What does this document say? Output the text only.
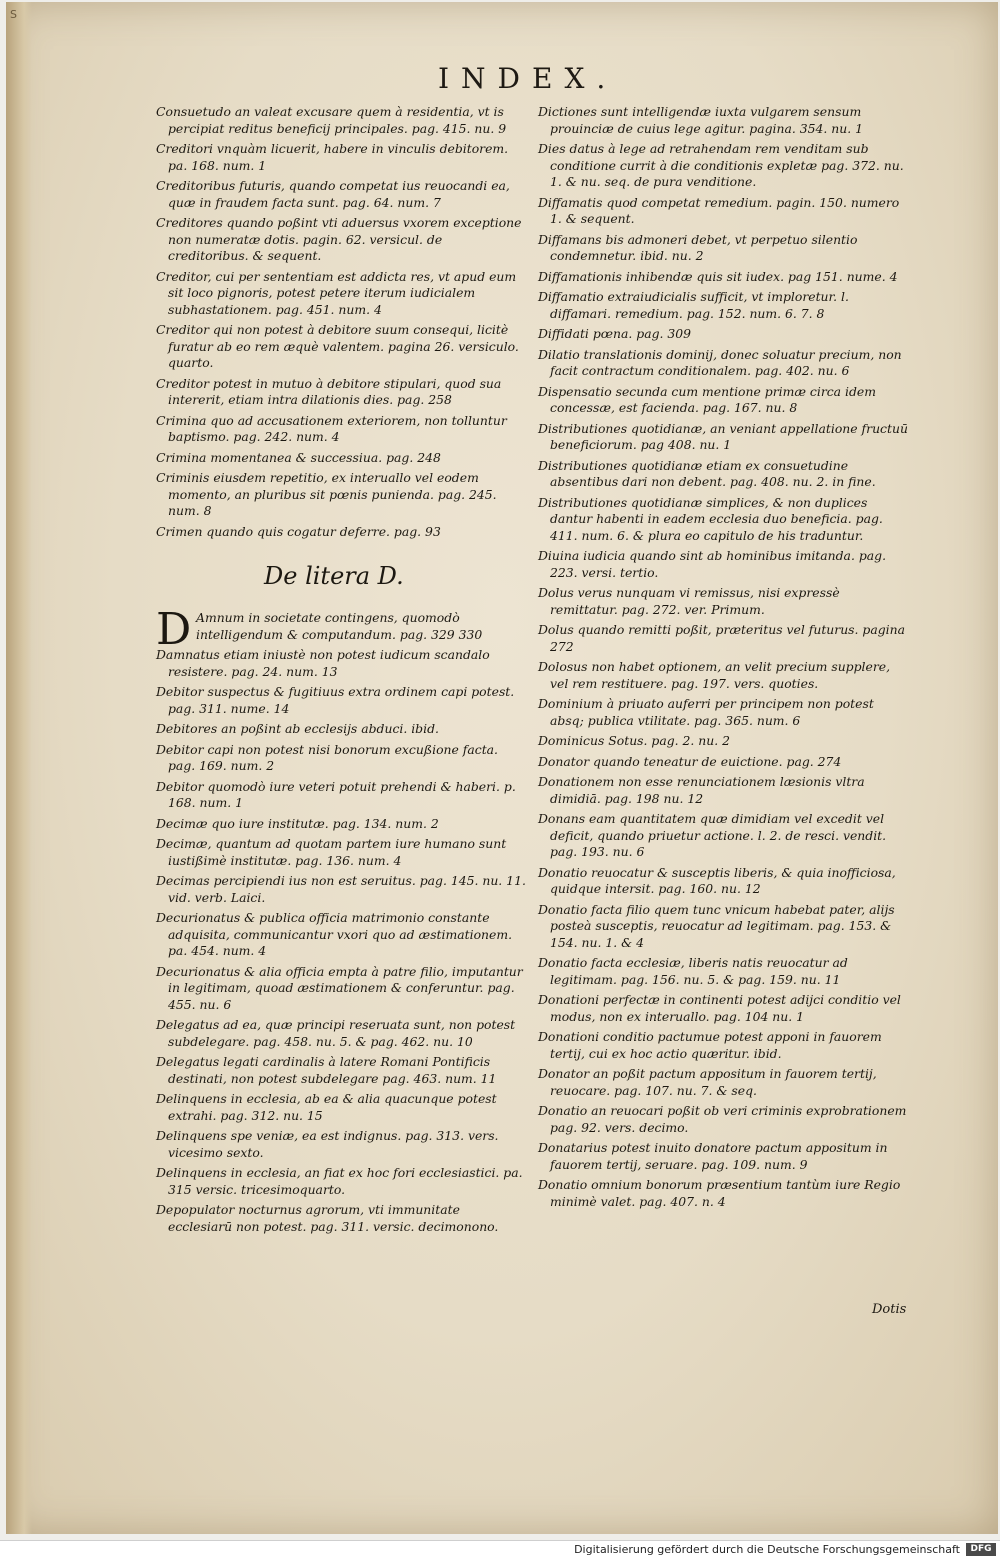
S
INDEX.

Consuetudo an valeat excusare quem à residentia, vt is percipiat reditus beneficij principales. pag. 415. nu. 9

Creditori vnquàm licuerit, habere in vinculis debitorem. pa. 168. num. 1

Creditoribus futuris, quando competat ius reuocandi ea, quæ in fraudem facta sunt. pag. 64. num. 7

Creditores quando poßint vti aduersus vxorem exceptione non numeratæ dotis. pagin. 62. versicul. de creditoribus. & sequent.

Creditor, cui per sententiam est addicta res, vt apud eum sit loco pignoris, potest petere iterum iudicialem subhastationem. pag. 451. num. 4

Creditor qui non potest à debitore suum consequi, licitè furatur ab eo rem æquè valentem. pagina 26. versiculo. quarto.

Creditor potest in mutuo à debitore stipulari, quod sua intererit, etiam intra dilationis dies. pag. 258

Crimina quo ad accusationem exteriorem, non tolluntur baptismo. pag. 242. num. 4

Crimina momentanea & successiua. pag. 248

Criminis eiusdem repetitio, ex interuallo vel eodem momento, an pluribus sit pœnis punienda. pag. 245. num. 8

Crimen quando quis cogatur deferre. pag. 93

De litera D.

D Amnum in societate contingens, quomodò intelligendum & computandum. pag. 329 330

Damnatus etiam iniustè non potest iudicum scandalo resistere. pag. 24. num. 13

Debitor suspectus & fugitiuus extra ordinem capi potest. pag. 311. nume. 14

Debitores an poßint ab ecclesijs abduci. ibid.

Debitor capi non potest nisi bonorum excußione facta. pag. 169. num. 2

Debitor quomodò iure veteri potuit prehendi & haberi. p. 168. num. 1

Decimæ quo iure institutæ. pag. 134. num. 2

Decimæ, quantum ad quotam partem iure humano sunt iustißimè institutæ. pag. 136. num. 4

Decimas percipiendi ius non est seruitus. pag. 145. nu. 11. vid. verb. Laici.

Decurionatus & publica officia matrimonio constante adquisita, communicantur vxori quo ad æstimationem. pa. 454. num. 4

Decurionatus & alia officia empta à patre filio, imputantur in legitimam, quoad æstimationem & conferuntur. pag. 455. nu. 6

Delegatus ad ea, quæ principi reseruata sunt, non potest subdelegare. pag. 458. nu. 5. & pag. 462. nu. 10

Delegatus legati cardinalis à latere Romani Pontificis destinati, non potest subdelegare pag. 463. num. 11

Delinquens in ecclesia, ab ea & alia quacunque potest extrahi. pag. 312. nu. 15

Delinquens spe veniæ, ea est indignus. pag. 313. vers. vicesimo sexto.

Delinquens in ecclesia, an fiat ex hoc fori ecclesiastici. pa. 315 versic. tricesimoquarto.

Depopulator nocturnus agrorum, vti immunitate ecclesiarū non potest. pag. 311. versic. decimonono.

Dictiones sunt intelligendæ iuxta vulgarem sensum prouinciæ de cuius lege agitur. pagina. 354. nu. 1

Dies datus à lege ad retrahendam rem venditam sub conditione currit à die conditionis expletæ pag. 372. nu. 1. & nu. seq. de pura venditione.

Diffamatis quod competat remedium. pagin. 150. numero 1. & sequent.

Diffamans bis admoneri debet, vt perpetuo silentio condemnetur. ibid. nu. 2

Diffamationis inhibendæ quis sit iudex. pag 151. nume. 4

Diffamatio extraiudicialis sufficit, vt imploretur. l. diffamari. remedium. pag. 152. num. 6. 7. 8

Diffidati pœna. pag. 309

Dilatio translationis dominij, donec soluatur precium, non facit contractum conditionalem. pag. 402. nu. 6

Dispensatio secunda cum mentione primæ circa idem concessæ, est facienda. pag. 167. nu. 8

Distributiones quotidianæ, an veniant appellatione fructuū beneficiorum. pag 408. nu. 1

Distributiones quotidianæ etiam ex consuetudine absentibus dari non debent. pag. 408. nu. 2. in fine.

Distributiones quotidianæ simplices, & non duplices dantur habenti in eadem ecclesia duo beneficia. pag. 411. num. 6. & plura eo capitulo de his traduntur.

Diuina iudicia quando sint ab hominibus imitanda. pag. 223. versi. tertio.

Dolus verus nunquam vi remissus, nisi expressè remittatur. pag. 272. ver. Primum.

Dolus quando remitti poßit, præteritus vel futurus. pagina 272

Dolosus non habet optionem, an velit precium supplere, vel rem restituere. pag. 197. vers. quoties.

Dominium à priuato auferri per principem non potest absq; publica vtilitate. pag. 365. num. 6

Dominicus Sotus. pag. 2. nu. 2

Donator quando teneatur de euictione. pag. 274

Donationem non esse renunciationem læsionis vltra dimidiā. pag. 198 nu. 12

Donans eam quantitatem quæ dimidiam vel excedit vel deficit, quando priuetur actione. l. 2. de resci. vendit. pag. 193. nu. 6

Donatio reuocatur & susceptis liberis, & quia inofficiosa, quidque intersit. pag. 160. nu. 12

Donatio facta filio quem tunc vnicum habebat pater, alijs posteà susceptis, reuocatur ad legitimam. pag. 153. & 154. nu. 1. & 4

Donatio facta ecclesiæ, liberis natis reuocatur ad legitimam. pag. 156. nu. 5. & pag. 159. nu. 11

Donationi perfectæ in continenti potest adijci conditio vel modus, non ex interuallo. pag. 104 nu. 1

Donationi conditio pactumue potest apponi in fauorem tertij, cui ex hoc actio quæritur. ibid.

Donator an poßit pactum appositum in fauorem tertij, reuocare. pag. 107. nu. 7. & seq.

Donatio an reuocari poßit ob veri criminis exprobrationem pag. 92. vers. decimo.

Donatarius potest inuito donatore pactum appositum in fauorem tertij, seruare. pag. 109. num. 9

Donatio omnium bonorum præsentium tantùm iure Regio minimè valet. pag. 407. n. 4

Dotis
Digitalisierung gefördert durch die Deutsche Forschungsgemeinschaft	DFG
